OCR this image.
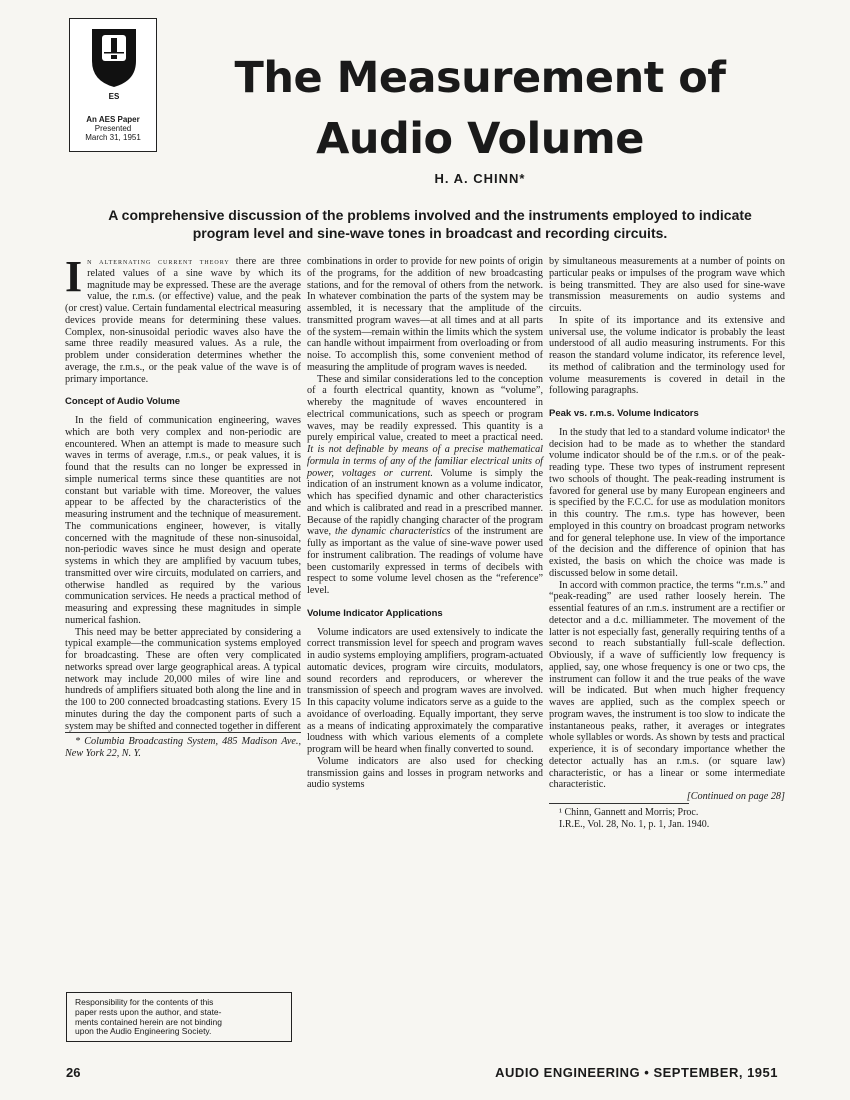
ES
An AES Paper
Presented
March 31, 1951
The Measurement of
Audio Volume
H. A. CHINN*
A comprehensive discussion of the problems involved and the instruments employed to indicate program level and sine-wave tones in broadcast and recording circuits.

In alternating current theory there are three related values of a sine wave by which its magnitude may be expressed. These are the average value, the r.m.s. (or effective) value, and the peak (or crest) value. Certain fundamental electrical measuring devices provide means for determining these values. Complex, non-sinusoidal periodic waves also have the same three readily measured values. As a rule, the problem under consideration determines whether the average, the r.m.s., or the peak value of the wave is of primary importance.

Concept of Audio Volume

In the field of communication engineering, waves which are both very complex and non-periodic are encountered. When an attempt is made to measure such waves in terms of average, r.m.s., or peak values, it is found that the results can no longer be expressed in simple numerical terms since these quantities are not constant but variable with time. Moreover, the values appear to be affected by the characteristics of the measuring instrument and the technique of measurement. The communications engineer, however, is vitally concerned with the magnitude of these non-sinusoidal, non-periodic waves since he must design and operate systems in which they are amplified by vacuum tubes, transmitted over wire circuits, modulated on carriers, and otherwise handled as required by the various communication services. He needs a practical method of measuring and expressing these magnitudes in simple numerical fashion.

This need may be better appreciated by considering a typical example—the communication systems employed for broadcasting. These are often very complicated networks spread over large geographical areas. A typical network may include 20,000 miles of wire line and hundreds of amplifiers situated both along the line and in the 100 to 200 connected broadcasting stations. Every 15 minutes during the day the component parts of such a system may be shifted and connected together in different

* Columbia Broadcasting System, 485 Madison Ave., New York 22, N. Y.

Responsibility for the contents of this
paper rests upon the author, and state-
ments contained herein are not binding
upon the Audio Engineering Society.

combinations in order to provide for new points of origin of the programs, for the addition of new broadcasting stations, and for the removal of others from the network. In whatever combination the parts of the system may be assembled, it is necessary that the amplitude of the transmitted program waves—at all times and at all parts of the system—remain within the limits which the system can handle without impairment from overloading or from noise. To accomplish this, some convenient method of measuring the amplitude of program waves is needed.

These and similar considerations led to the conception of a fourth electrical quantity, known as “volume”, whereby the magnitude of waves encountered in electrical communications, such as speech or program waves, may be readily expressed. This quantity is a purely empirical value, created to meet a practical need. It is not definable by means of a precise mathematical formula in terms of any of the familiar electrical units of power, voltages or current. Volume is simply the indication of an instrument known as a volume indicator, which has specified dynamic and other characteristics and which is calibrated and read in a prescribed manner. Because of the rapidly changing character of the program wave, the dynamic characteristics of the instrument are fully as important as the value of sine-wave power used for instrument calibration. The readings of volume have been customarily expressed in terms of decibels with respect to some volume level chosen as the “reference” level.

Volume Indicator Applications

Volume indicators are used extensively to indicate the correct transmission level for speech and program waves in audio systems employing amplifiers, program-actuated automatic devices, program wire circuits, modulators, sound recorders and reproducers, or wherever the transmission of speech and program waves are involved. In this capacity volume indicators serve as a guide to the avoidance of overloading. Equally important, they serve as a means of indicating approximately the comparative loudness with which various elements of a complete program will be heard when finally converted to sound.

Volume indicators are also used for checking transmission gains and losses in program networks and audio systems

by simultaneous measurements at a number of points on particular peaks or impulses of the program wave which is being transmitted. They are also used for sine-wave transmission measurements on audio systems and circuits.

In spite of its importance and its extensive and universal use, the volume indicator is probably the least understood of all audio measuring instruments. For this reason the standard volume indicator, its reference level, its method of calibration and the terminology used for volume measurements is covered in detail in the following paragraphs.

Peak vs. r.m.s. Volume Indicators

In the study that led to a standard volume indicator¹ the decision had to be made as to whether the standard volume indicator should be of the r.m.s. or of the peak-reading type. These two types of instrument represent two schools of thought. The peak-reading instrument is favored for general use by many European engineers and is specified by the F.C.C. for use as modulation monitors in this country. The r.m.s. type has however, been employed in this country on broadcast program networks and for general telephone use. In view of the importance of the decision and the difference of opinion that has existed, the basis on which the choice was made is discussed below in some detail.

In accord with common practice, the terms “r.m.s.” and “peak-reading” are used rather loosely herein. The essential features of an r.m.s. instrument are a rectifier or detector and a d.c. milliammeter. The movement of the latter is not especially fast, generally requiring tenths of a second to reach substantially full-scale deflection. Obviously, if a wave of sufficiently low frequency is applied, say, one whose frequency is one or two cps, the instrument can follow it and the true peaks of the wave will be indicated. But when much higher frequency waves are applied, such as the complex speech or program waves, the instrument is too slow to indicate the instantaneous peaks, rather, it averages or integrates whole syllables or words. As shown by tests and practical experience, it is of secondary importance whether the detector actually has an r.m.s. (or square law) characteristic, or has a linear or some intermediate characteristic.

[Continued on page 28]

¹ Chinn, Gannett and Morris; Proc.
I.R.E., Vol. 28, No. 1, p. 1, Jan. 1940.

26	AUDIO ENGINEERING • SEPTEMBER, 1951
